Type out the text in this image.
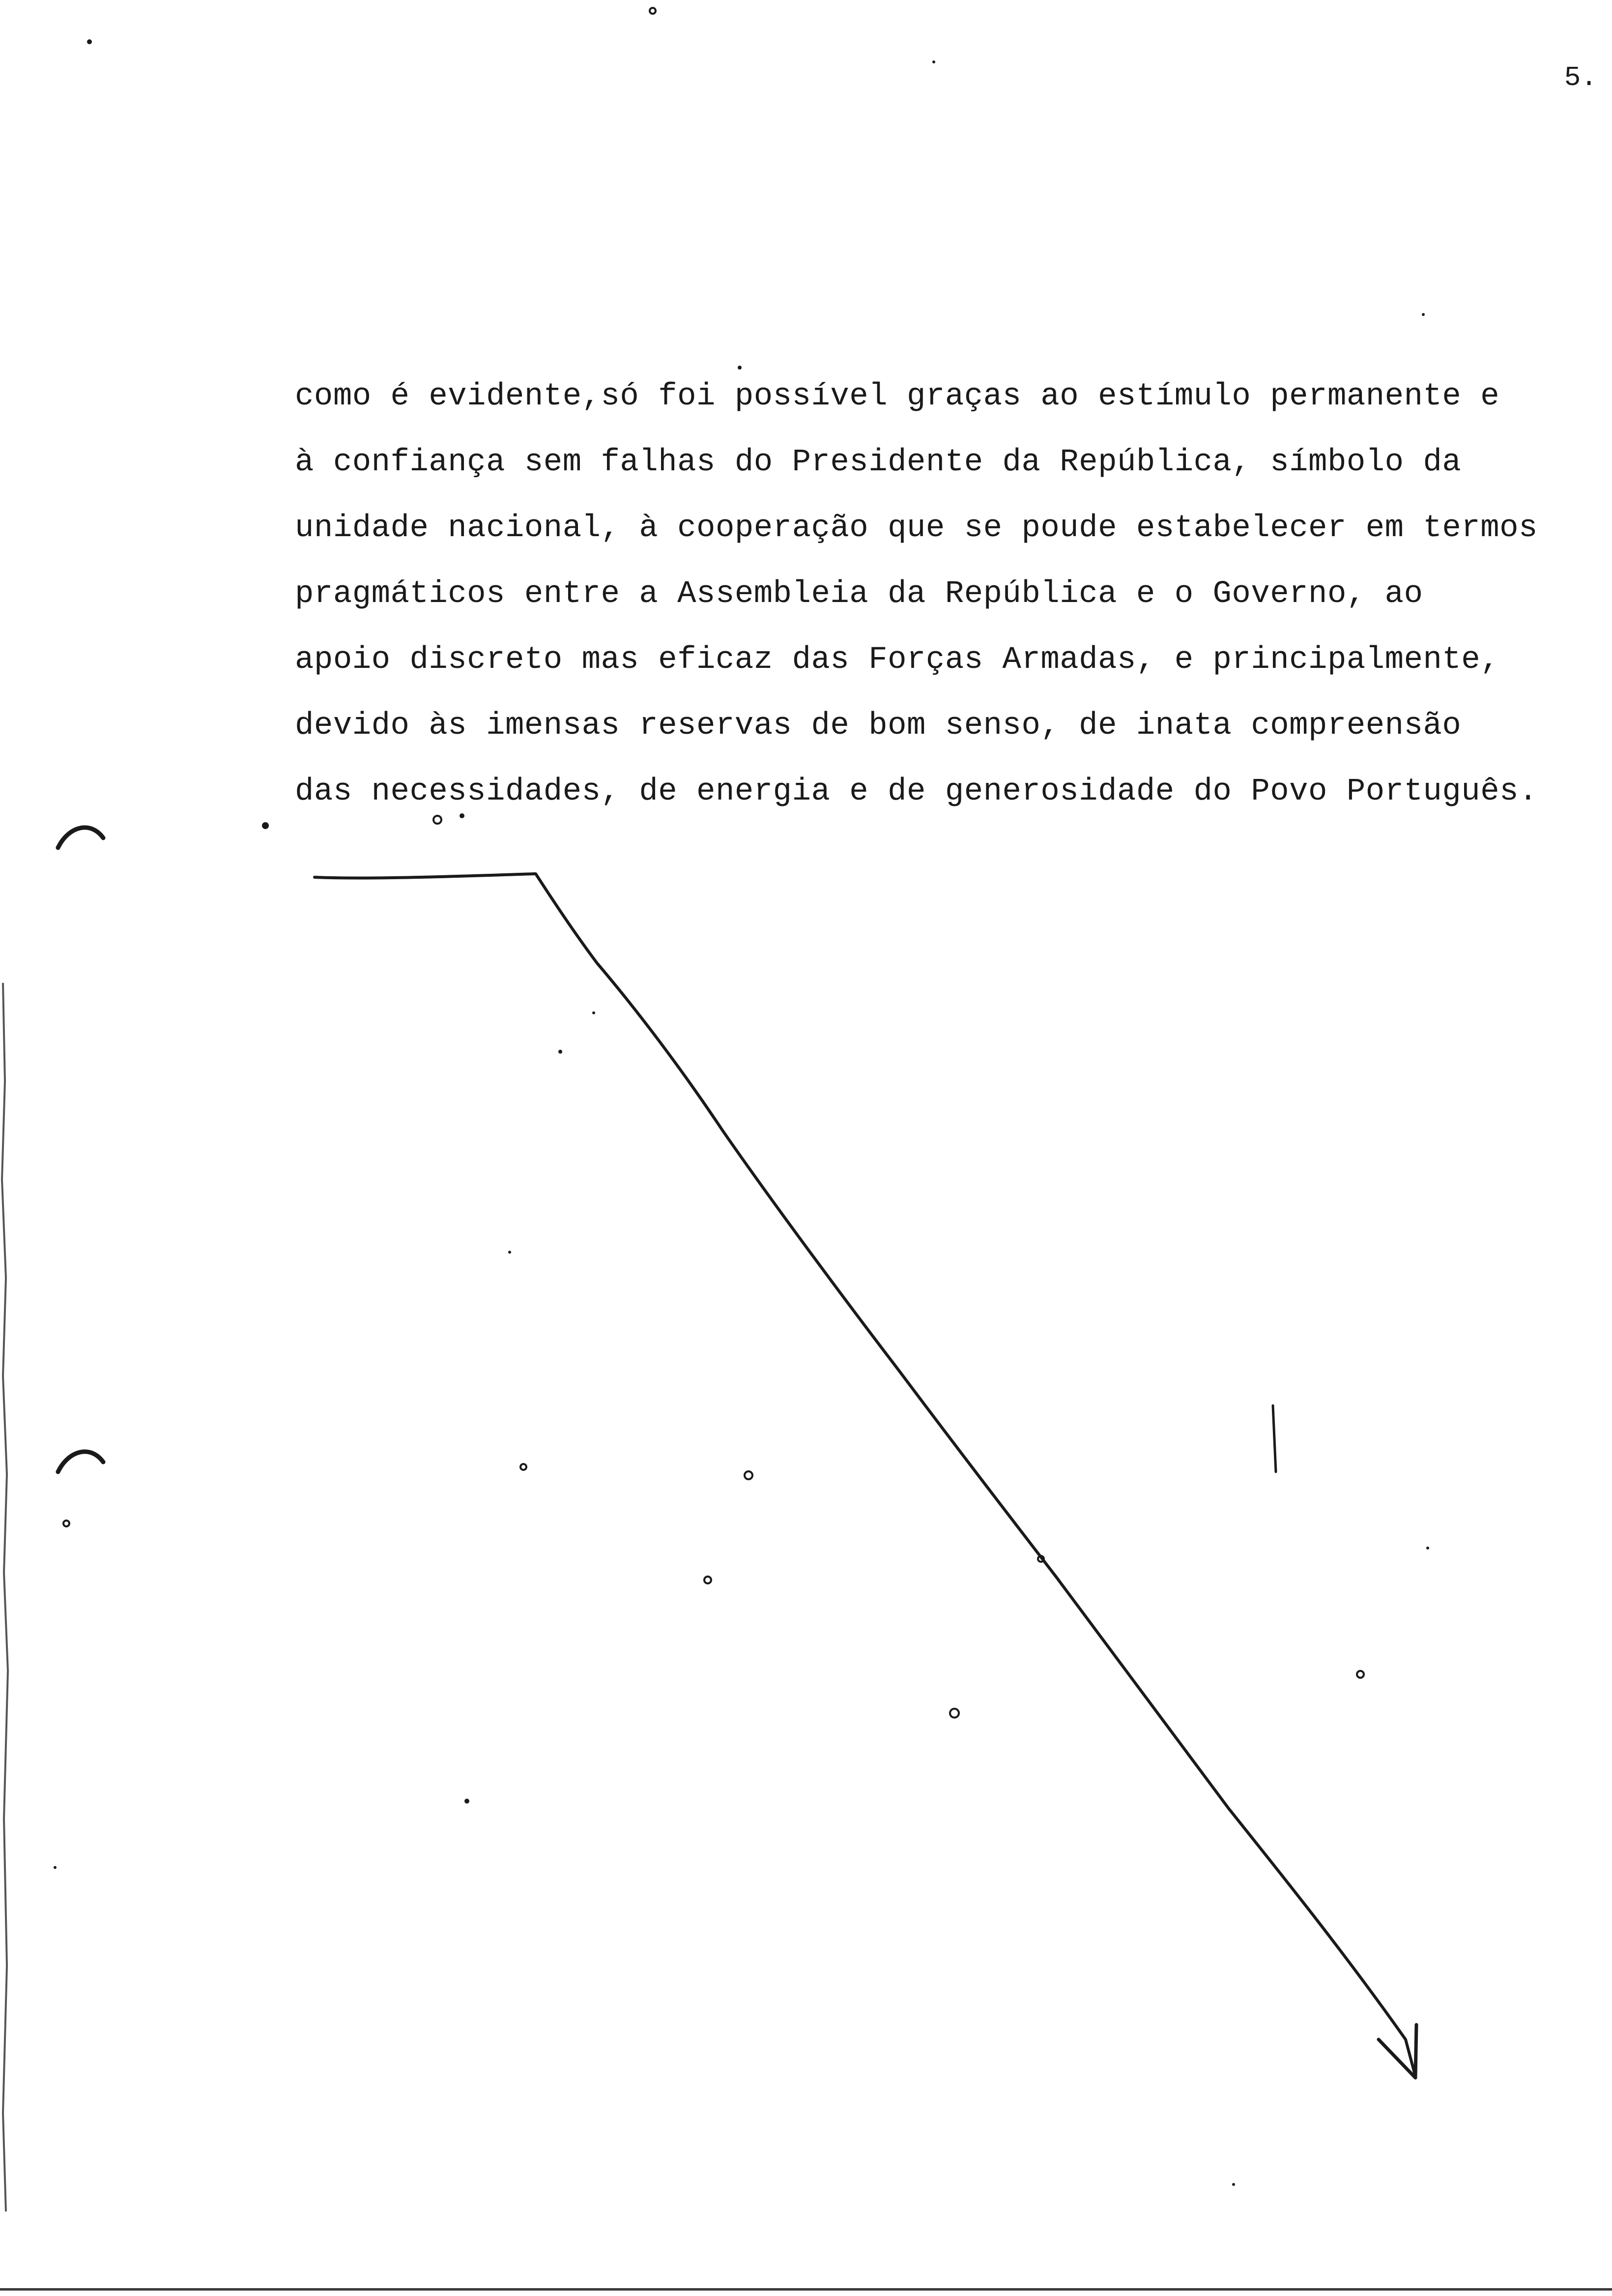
5.
como é evidente,só foi possível graças ao estímulo permanente e
à confiança sem falhas do Presidente da República, símbolo da
unidade nacional, à cooperação que se poude estabelecer em termos
pragmáticos entre a Assembleia da República e o Governo, ao
apoio discreto mas eficaz das Forças Armadas, e principalmente,
devido às imensas reservas de bom senso, de inata compreensão
das necessidades, de energia e de generosidade do Povo Português.
